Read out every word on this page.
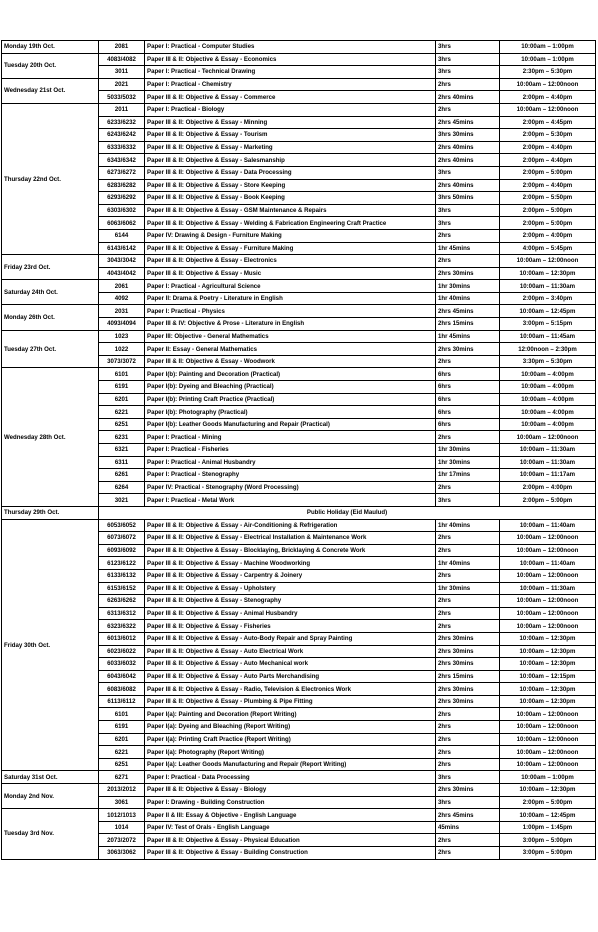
Monday 19th Oct.	2081	Paper I: Practical - Computer Studies	3hrs	10:00am – 1:00pm
Tuesday 20th Oct.	4083/4082	Paper III & II: Objective & Essay - Economics	3hrs	10:00am – 1:00pm
	3011	Paper I: Practical - Technical Drawing	3hrs	2:30pm – 5:30pm
Wednesday 21st Oct.	2021	Paper I: Practical - Chemistry	2hrs	10:00am – 12:00noon
	5033/5032	Paper III & II: Objective & Essay - Commerce	2hrs 40mins	2:00pm – 4:40pm
Thursday 22nd Oct.	2011	Paper I: Practical - Biology	2hrs	10:00am – 12:00noon
	6233/6232	Paper III & II: Objective & Essay - Minning	2hrs 45mins	2:00pm – 4:45pm
	6243/6242	Paper III & II: Objective & Essay - Tourism	3hrs 30mins	2:00pm – 5:30pm
	6333/6332	Paper III & II: Objective & Essay - Marketing	2hrs 40mins	2:00pm – 4:40pm
	6343/6342	Paper III & II: Objective & Essay - Salesmanship	2hrs 40mins	2:00pm – 4:40pm
	6273/6272	Paper III & II: Objective & Essay - Data Processing	3hrs	2:00pm – 5:00pm
	6283/6282	Paper III & II: Objective & Essay - Store Keeping	2hrs 40mins	2:00pm – 4:40pm
	6293/6292	Paper III & II: Objective & Essay - Book Keeping	3hrs 50mins	2:00pm – 5:50pm
	6303/6302	Paper III & II: Objective & Essay - GSM Maintenance & Repairs	3hrs	2:00pm – 5:00pm
	6063/6062	Paper III & II: Objective & Essay - Welding & Fabrication Engineering Craft Practice	3hrs	2:00pm – 5:00pm
	6144	Paper IV: Drawing & Design - Furniture Making	2hrs	2:00pm – 4:00pm
	6143/6142	Paper III & II: Objective & Essay - Furniture Making	1hr 45mins	4:00pm – 5:45pm
Friday 23rd Oct.	3043/3042	Paper III & II: Objective & Essay - Electronics	2hrs	10:00am – 12:00noon
	4043/4042	Paper III & II: Objective & Essay - Music	2hrs 30mins	10:00am – 12:30pm
Saturday 24th Oct.	2061	Paper I: Practical - Agricultural Science	1hr 30mins	10:00am – 11:30am
	4092	Paper II: Drama & Poetry - Literature in English	1hr 40mins	2:00pm – 3:40pm
Monday 26th Oct.	2031	Paper I: Practical - Physics	2hrs 45mins	10:00am – 12:45pm
	4093/4094	Paper III & IV: Objective & Prose - Literature in English	2hrs 15mins	3:00pm – 5:15pm
Tuesday 27th Oct.	1023	Paper III: Objective - General Mathematics	1hr 45mins	10:00am – 11:45am
	1022	Paper II: Essay - General Mathematics	2hrs 30mins	12:00noon – 2:30pm
	3073/3072	Paper III & II: Objective & Essay - Woodwork	2hrs	3:30pm – 5:30pm
Wednesday 28th Oct.	6101	Paper I(b): Painting and Decoration (Practical)	6hrs	10:00am – 4:00pm
	6191	Paper I(b): Dyeing and Bleaching (Practical)	6hrs	10:00am – 4:00pm
	6201	Paper I(b): Printing Craft Practice (Practical)	6hrs	10:00am – 4:00pm
	6221	Paper I(b): Photography (Practical)	6hrs	10:00am – 4:00pm
	6251	Paper I(b): Leather Goods Manufacturing and Repair (Practical)	6hrs	10:00am – 4:00pm
	6231	Paper I: Practical - Mining	2hrs	10:00am – 12:00noon
	6321	Paper I: Practical - Fisheries	1hr 30mins	10:00am – 11:30am
	6311	Paper I: Practical - Animal Husbandry	1hr 30mins	10:00am – 11:30am
	6261	Paper I: Practical - Stenography	1hr 17mins	10:00am – 11:17am
	6264	Paper IV: Practical - Stenography (Word Processing)	2hrs	2:00pm – 4:00pm
	3021	Paper I: Practical - Metal Work	3hrs	2:00pm – 5:00pm
Thursday 29th Oct.	Public Holiday (Eid Maulud)			
Friday 30th Oct.	6053/6052	Paper III & II: Objective & Essay - Air-Conditioning & Refrigeration	1hr 40mins	10:00am – 11:40am
	6073/6072	Paper III & II: Objective & Essay - Electrical Installation & Maintenance Work	2hrs	10:00am – 12:00noon
	6093/6092	Paper III & II: Objective & Essay - Blocklaying, Bricklaying & Concrete Work	2hrs	10:00am – 12:00noon
	6123/6122	Paper III & II: Objective & Essay - Machine Woodworking	1hr 40mins	10:00am – 11:40am
	6133/6132	Paper III & II: Objective & Essay - Carpentry & Joinery	2hrs	10:00am – 12:00noon
	6153/6152	Paper III & II: Objective & Essay - Upholstery	1hr 30mins	10:00am – 11:30am
	6263/6262	Paper III & II: Objective & Essay - Stenography	2hrs	10:00am – 12:00noon
	6313/6312	Paper III & II: Objective & Essay - Animal Husbandry	2hrs	10:00am – 12:00noon
	6323/6322	Paper III & II: Objective & Essay - Fisheries	2hrs	10:00am – 12:00noon
	6013/6012	Paper III & II: Objective & Essay - Auto-Body Repair and Spray Painting	2hrs 30mins	10:00am – 12:30pm
	6023/6022	Paper III & II: Objective & Essay - Auto Electrical Work	2hrs 30mins	10:00am – 12:30pm
	6033/6032	Paper III & II: Objective & Essay - Auto Mechanical work	2hrs 30mins	10:00am – 12:30pm
	6043/6042	Paper III & II: Objective & Essay - Auto Parts Merchandising	2hrs 15mins	10:00am – 12:15pm
	6083/6082	Paper III & II: Objective & Essay - Radio, Television & Electronics Work	2hrs 30mins	10:00am – 12:30pm
	6113/6112	Paper III & II: Objective & Essay - Plumbing & Pipe Fitting	2hrs 30mins	10:00am – 12:30pm
	6101	Paper I(a): Painting and Decoration (Report Writing)	2hrs	10:00am – 12:00noon
	6191	Paper I(a): Dyeing and Bleaching (Report Writing)	2hrs	10:00am – 12:00noon
	6201	Paper I(a): Printing Craft Practice (Report Writing)	2hrs	10:00am – 12:00noon
	6221	Paper I(a): Photography (Report Writing)	2hrs	10:00am – 12:00noon
	6251	Paper I(a): Leather Goods Manufacturing and Repair (Report Writing)	2hrs	10:00am – 12:00noon
Saturday 31st Oct.	6271	Paper I: Practical - Data Processing	3hrs	10:00am – 1:00pm
Monday 2nd Nov.	2013/2012	Paper III & II: Objective & Essay - Biology	2hrs 30mins	10:00am – 12:30pm
	3061	Paper I: Drawing - Building Construction	3hrs	2:00pm – 5:00pm
Tuesday 3rd Nov.	1012/1013	Paper II & III: Essay & Objective - English Language	2hrs 45mins	10:00am – 12:45pm
	1014	Paper IV: Test of Orals - English Language	45mins	1:00pm – 1:45pm
	2073/2072	Paper III & II: Objective & Essay - Physical Education	2hrs	3:00pm – 5:00pm
	3063/3062	Paper III & II: Objective & Essay - Building Construction	2hrs	3:00pm – 5:00pm
